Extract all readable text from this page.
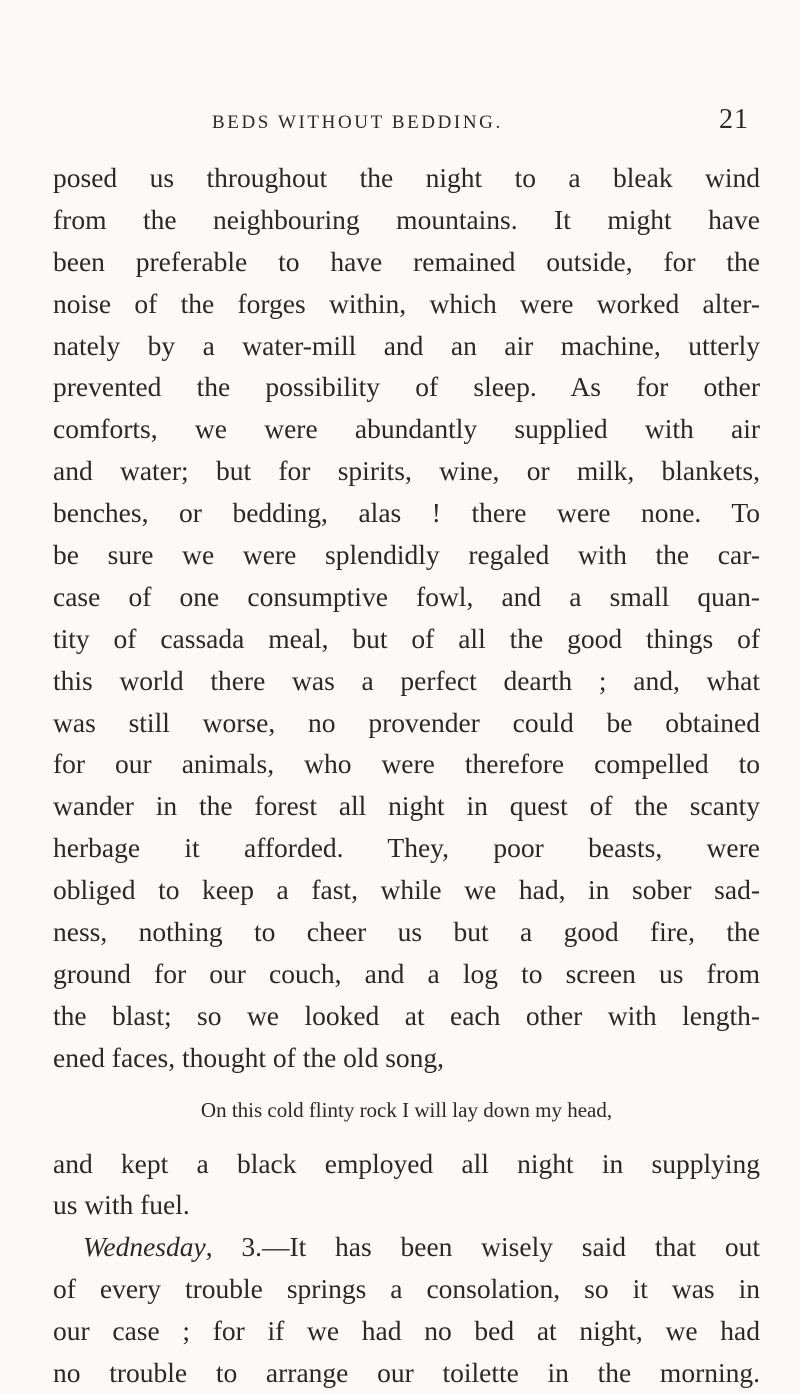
BEDS WITHOUT BEDDING.	21
posed us throughout the night to a bleak wind
from the neighbouring mountains. It might have
been preferable to have remained outside, for the
noise of the forges within, which were worked alter-
nately by a water-mill and an air machine, utterly
prevented the possibility of sleep. As for other
comforts, we were abundantly supplied with air
and water; but for spirits, wine, or milk, blankets,
benches, or bedding, alas ! there were none. To
be sure we were splendidly regaled with the car-
case of one consumptive fowl, and a small quan-
tity of cassada meal, but of all the good things of
this world there was a perfect dearth ; and, what
was still worse, no provender could be obtained
for our animals, who were therefore compelled to
wander in the forest all night in quest of the scanty
herbage it afforded. They, poor beasts, were
obliged to keep a fast, while we had, in sober sad-
ness, nothing to cheer us but a good fire, the
ground for our couch, and a log to screen us from
the blast; so we looked at each other with length-
ened faces, thought of the old song,
On this cold flinty rock I will lay down my head,
and kept a black employed all night in supplying
us with fuel.
Wednesday, 3.—It has been wisely said that out
of every trouble springs a consolation, so it was in
our case ; for if we had no bed at night, we had
no trouble to arrange our toilette in the morning.
